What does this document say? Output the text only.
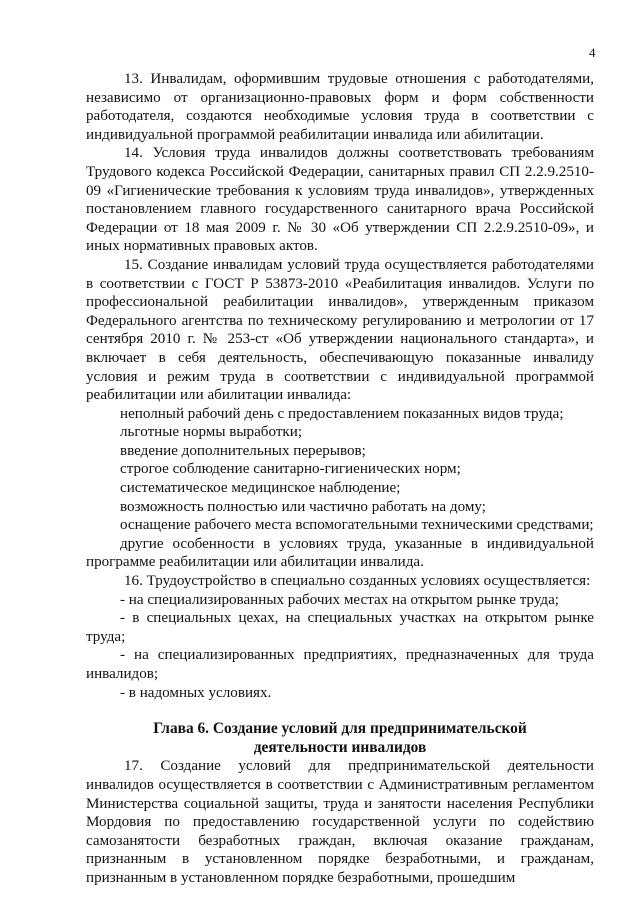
4

13. Инвалидам, оформившим трудовые отношения с работодателями, независимо от организационно-правовых форм и форм собственности работодателя, создаются необходимые условия труда в соответствии с индивидуальной программой реабилитации инвалида или абилитации.

14. Условия труда инвалидов должны соответствовать требованиям Трудового кодекса Российской Федерации, санитарных правил СП 2.2.9.2510-09 «Гигиенические требования к условиям труда инвалидов», утвержденных постановлением главного государственного санитарного врача Российской Федерации от 18 мая 2009 г. № 30 «Об утверждении СП 2.2.9.2510-09», и иных нормативных правовых актов.

15. Создание инвалидам условий труда осуществляется работодателями в соответствии с ГОСТ Р 53873-2010 «Реабилитация инвалидов. Услуги по профессиональной реабилитации инвалидов», утвержденным приказом Федерального агентства по техническому регулированию и метрологии от 17 сентября 2010 г. № 253-ст «Об утверждении национального стандарта», и включает в себя деятельность, обеспечивающую показанные инвалиду условия и режим труда в соответствии с индивидуальной программой реабилитации или абилитации инвалида:

неполный рабочий день с предоставлением показанных видов труда;

льготные нормы выработки;

введение дополнительных перерывов;

строгое соблюдение санитарно-гигиенических норм;

систематическое медицинское наблюдение;

возможность полностью или частично работать на дому;

оснащение рабочего места вспомогательными техническими средствами;

другие особенности в условиях труда, указанные в индивидуальной программе реабилитации или абилитации инвалида.

16. Трудоустройство в специально созданных условиях осуществляется:

- на специализированных рабочих местах на открытом рынке труда;

- в специальных цехах, на специальных участках на открытом рынке труда;

- на специализированных предприятиях, предназначенных для труда инвалидов;

- в надомных условиях.

Глава 6. Создание условий для предпринимательской
деятельности инвалидов

17. Создание условий для предпринимательской деятельности инвалидов осуществляется в соответствии с Административным регламентом Министерства социальной защиты, труда и занятости населения Республики Мордовия по предоставлению государственной услуги по содействию самозанятости безработных граждан, включая оказание гражданам, признанным в установленном порядке безработными, и гражданам, признанным в установленном порядке безработными, прошедшим
